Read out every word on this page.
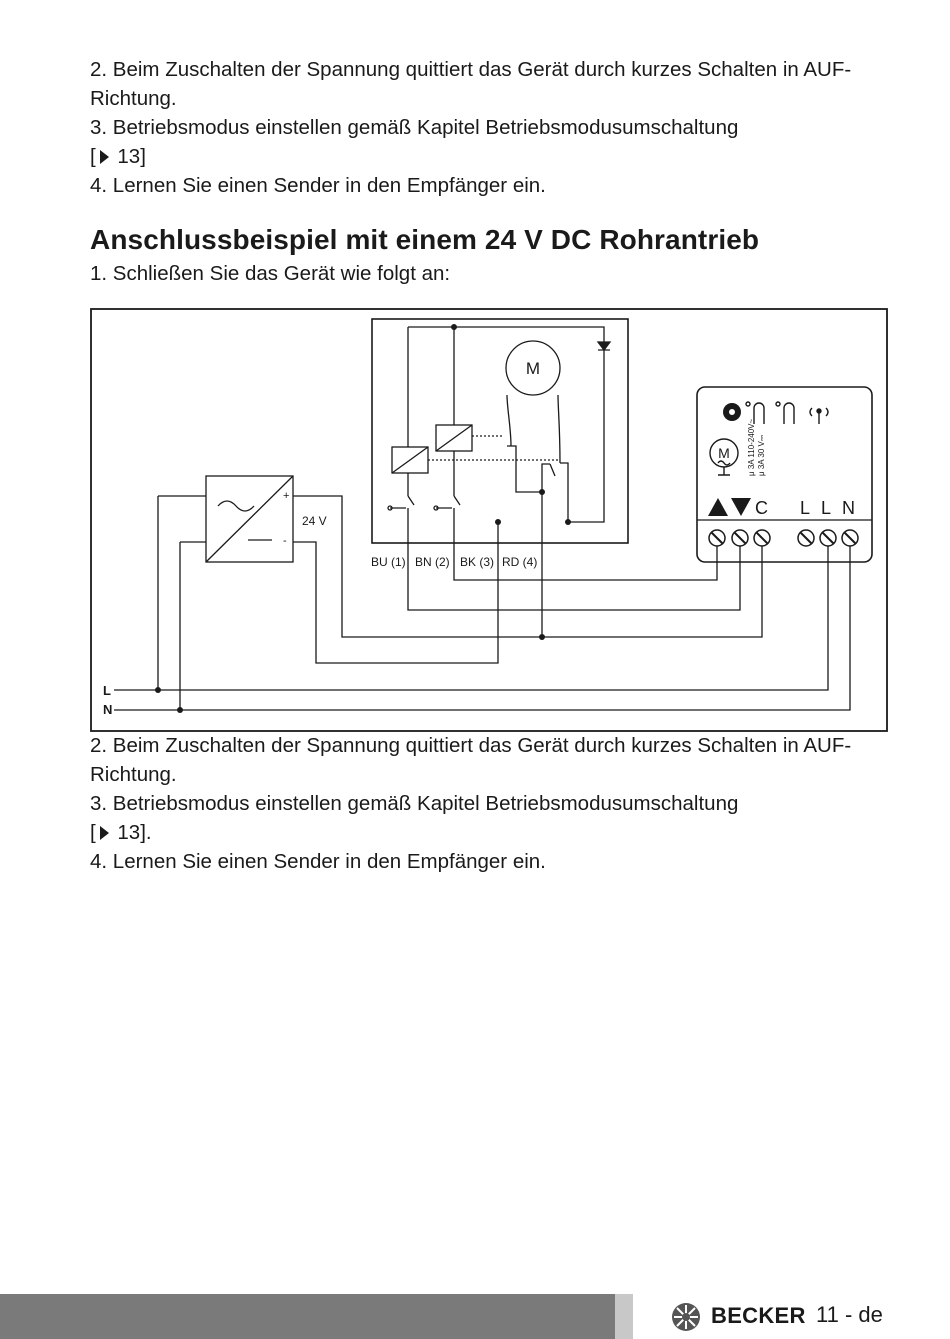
2. Beim Zuschalten der Spannung quittiert das Gerät durch kurzes Schalten in AUF-Richtung.

3. Betriebsmodus einstellen gemäß Kapitel Betriebsmodusumschaltung

[ 13]

4. Lernen Sie einen Sender in den Empfänger ein.

Anschlussbeispiel mit einem 24 V DC Rohrantrieb

1. Schließen Sie das Gerät wie folgt an:

M μ 3A 110-240V~ μ 3A 30 V⎓
M
24 V
+
-
BU (1) BN (2) BK (3) RD (4)
L
N
C L L N

2. Beim Zuschalten der Spannung quittiert das Gerät durch kurzes Schalten in AUF-Richtung.

3. Betriebsmodus einstellen gemäß Kapitel Betriebsmodusumschaltung

[ 13].

4. Lernen Sie einen Sender in den Empfänger ein.

BECKER 11 - de
